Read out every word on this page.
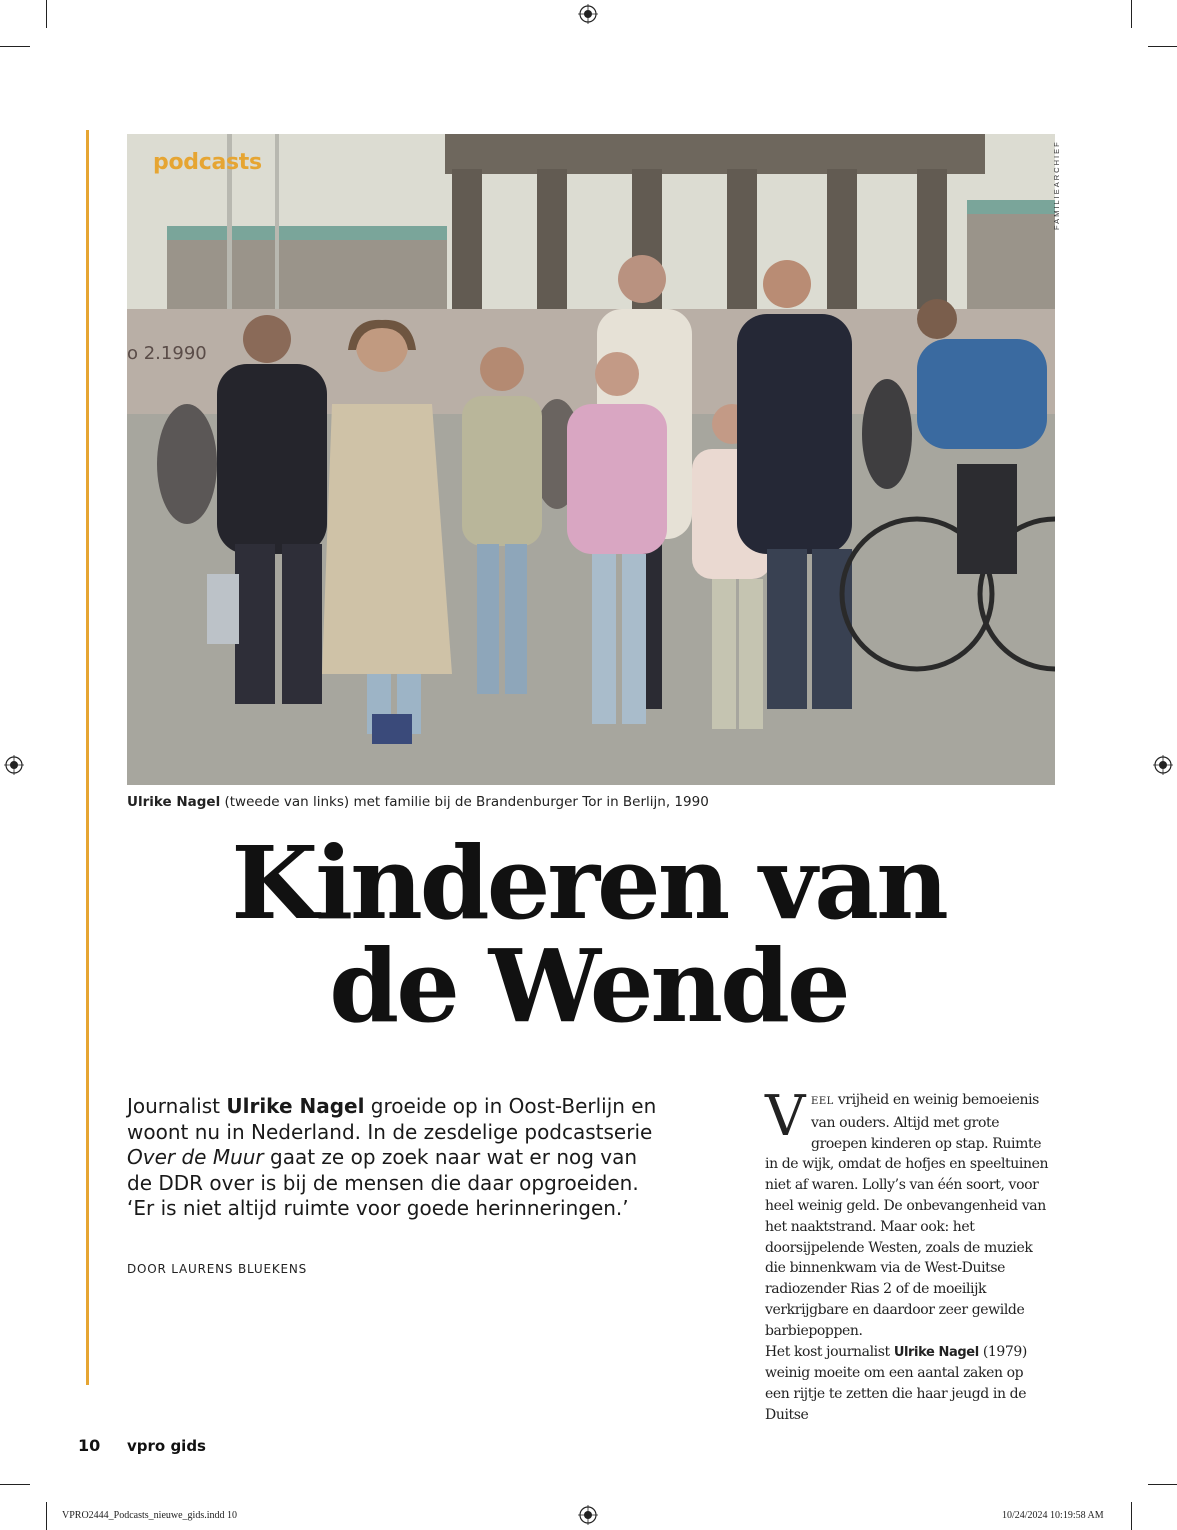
o 2.1990
podcasts	FAMILIEARCHIEF
Ulrike Nagel (tweede van links) met familie bij de Brandenburger Tor in Berlijn, 1990
Kinderen van
de Wende
Journalist Ulrike Nagel groeide op in Oost-Berlijn en woont nu in Nederland. In de zesdelige podcastserie Over de Muur gaat ze op zoek naar wat er nog van de DDR over is bij de mensen die daar opgroeiden. ‘Er is niet altijd ruimte voor goede herinneringen.’
DOOR LAURENS BLUEKENS
VEEL vrijheid en weinig bemoeienis van ouders. Altijd met grote groepen kinderen op stap. Ruimte in de wijk, omdat de hofjes en speeltuinen niet af waren. Lolly’s van één soort, voor heel weinig geld. De onbevangenheid van het naaktstrand. Maar ook: het doorsijpelende Westen, zoals de muziek die binnenkwam via de West-Duitse radiozender Rias 2 of de moeilijk verkrijgbare en daardoor zeer gewilde barbiepoppen.
Het kost journalist Ulrike Nagel (1979) weinig moeite om een aantal zaken op een rijtje te zetten die haar jeugd in de Duitse
10 vpro gids
VPRO2444_Podcasts_nieuwe_gids.indd 10	10/24/2024 10:19:58 AM
